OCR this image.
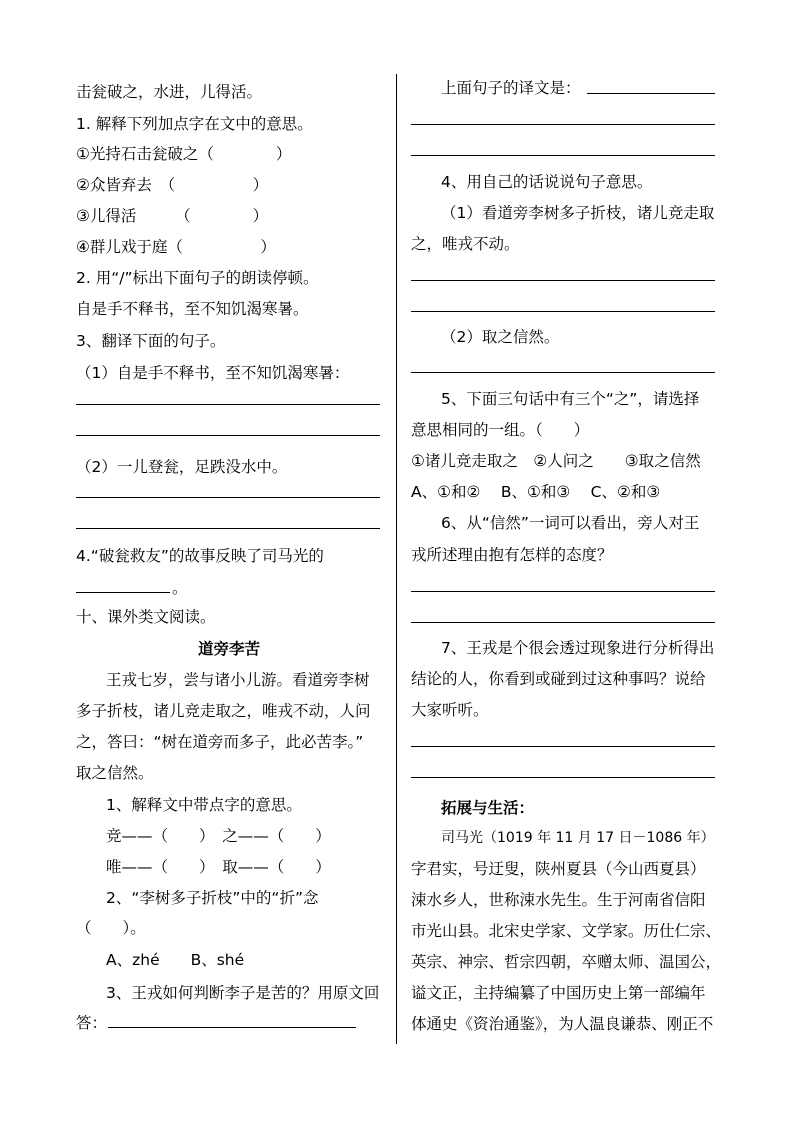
击瓮破之，水进，儿得活。
1. 解释下列加点字在文中的意思。
①光持石击瓮破之（　　　　）
②众皆弃去　（　　　　　）
③儿得活　　　（　　　　）
④群儿戏于庭（　　　　　）
2. 用“/”标出下面句子的朗读停顿。
自是手不释书，至不知饥渴寒暑。
3、翻译下面的句子。
（1）自是手不释书，至不知饥渴寒暑：
（2）一儿登瓮，足跌没水中。
4.“破瓮救友”的故事反映了司马光的
。
十、课外类文阅读。
道旁李苦
王戎七岁，尝与诸小儿游。看道旁李树
多子折枝，诸儿竞走取之，唯戎不动，人问
之，答曰：“树在道旁而多子，此必苦李。”
取之信然。
1、解释文中带点字的意思。
竞——（　　）　之——（　　）
唯——（　　）　取——（　　）
2、“李树多子折枝”中的“折”念
（　　）。
A、zhé　　B、shé
3、王戎如何判断李子是苦的？用原文回
答：
上面句子的译文是：
4、用自己的话说说句子意思。
（1）看道旁李树多子折枝，诸儿竞走取
之，唯戎不动。
（2）取之信然。
5、下面三句话中有三个“之”，请选择
意思相同的一组。（　　）
①诸儿竞走取之　②人问之　　③取之信然
A、①和②　 B、①和③　 C、②和③
6、从“信然”一词可以看出，旁人对王
戎所述理由抱有怎样的态度？
7、王戎是个很会透过现象进行分析得出
结论的人，你看到或碰到过这种事吗？说给
大家听听。
拓展与生活：
司马光（1019 年 11 月 17 日－1086 年）
字君实，号迂叟，陕州夏县（今山西夏县）
涑水乡人，世称涑水先生。生于河南省信阳
市光山县。北宋史学家、文学家。历仕仁宗、
英宗、神宗、哲宗四朝，卒赠太师、温国公，
谥文正，主持编纂了中国历史上第一部编年
体通史《资治通鉴》，为人温良谦恭、刚正不
